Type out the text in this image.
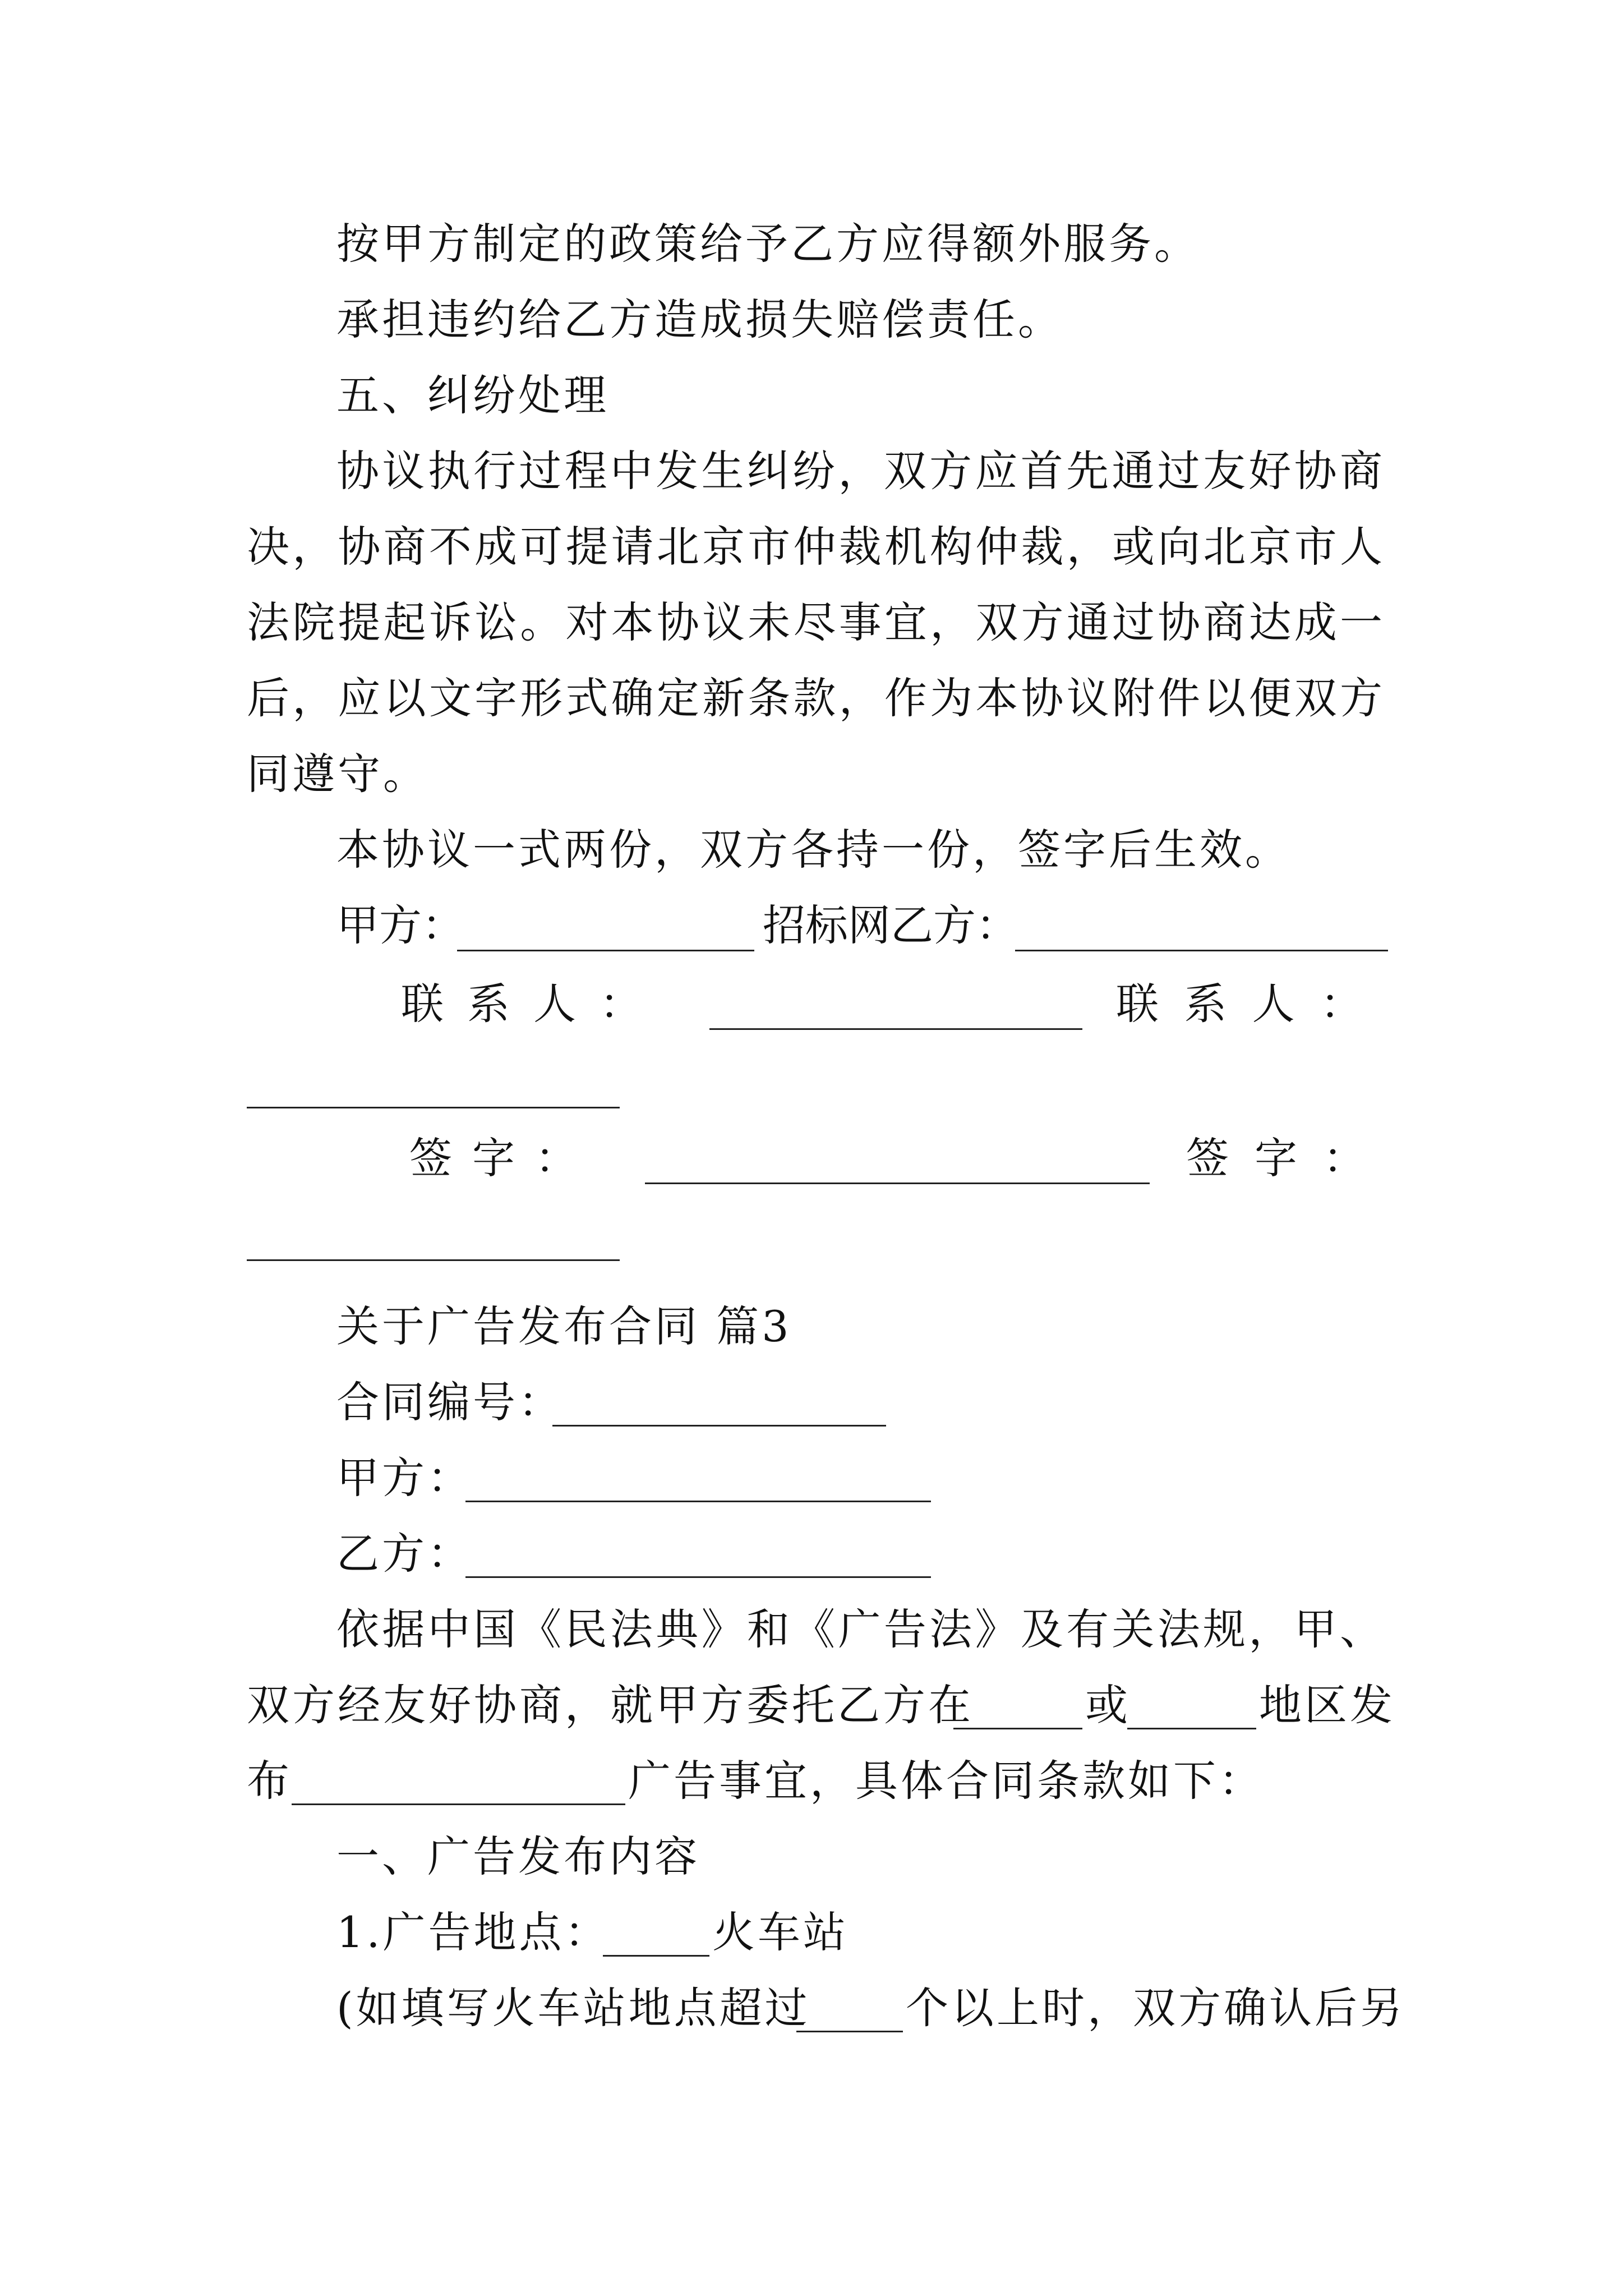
按甲方制定的政策给予乙方应得额外服务。
承担违约给乙方造成损失赔偿责任。
五、纠纷处理
协议执行过程中发生纠纷，双方应首先通过友好协商
决，协商不成可提请北京市仲裁机构仲裁，或向北京市人
法院提起诉讼。对本协议未尽事宜，双方通过协商达成一
后，应以文字形式确定新条款，作为本协议附件以便双方
同遵守。
本协议一式两份，双方各持一份，签字后生效。
甲方：	招标网乙方：
联 系 人 ：	联 系 人 ：
签 字 ：	签 字 ：
关于广告发布合同 篇3
合同编号：
甲方：
乙方：
依据中国《民法典》和《广告法》及有关法规，甲、
双方经友好协商，就甲方委托乙方在	或	地区发
布	广告事宜，具体合同条款如下：
一、广告发布内容
1.广告地点： 火车站
(如填写火车站地点超过 个以上时，双方确认后另
